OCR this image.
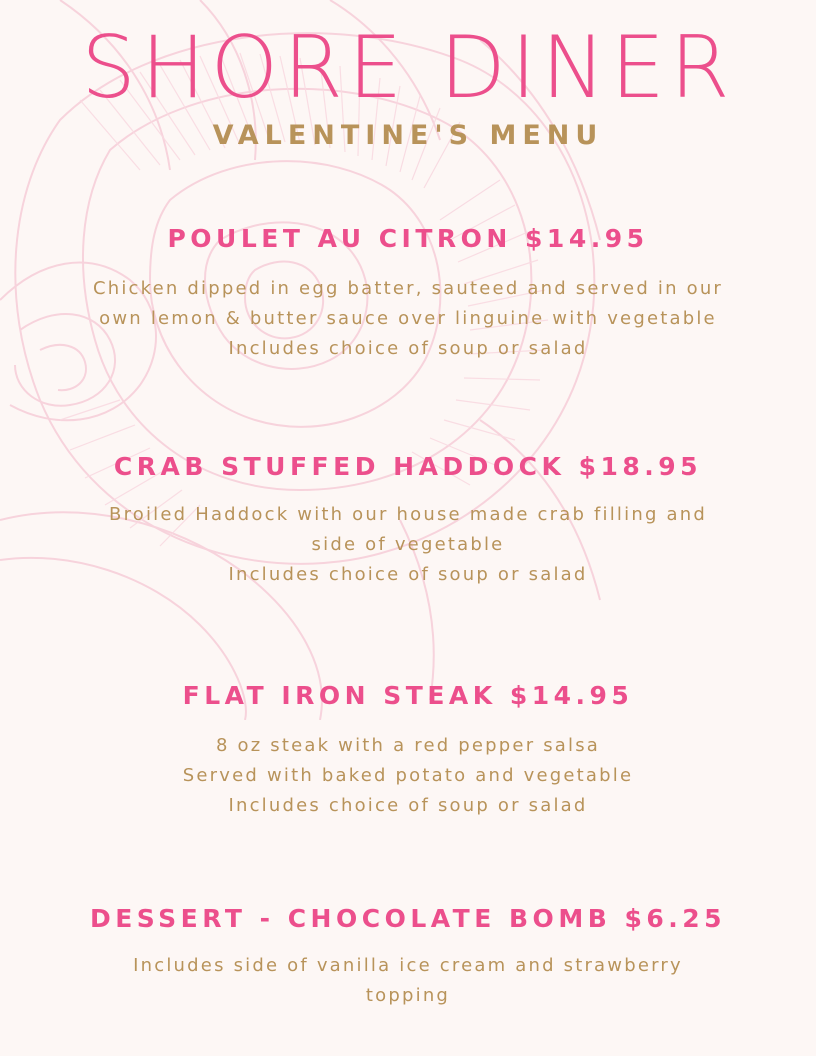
SHORE DINER
VALENTINE'S MENU
POULET AU CITRON $14.95

Chicken dipped in egg batter, sauteed and served in our
own lemon & butter sauce over linguine with vegetable
Includes choice of soup or salad

CRAB STUFFED HADDOCK $18.95

Broiled Haddock with our house made crab filling and
side of vegetable
Includes choice of soup or salad

FLAT IRON STEAK $14.95

8 oz steak with a red pepper salsa
Served with baked potato and vegetable
Includes choice of soup or salad

DESSERT - CHOCOLATE BOMB $6.25

Includes side of vanilla ice cream and strawberry
topping
